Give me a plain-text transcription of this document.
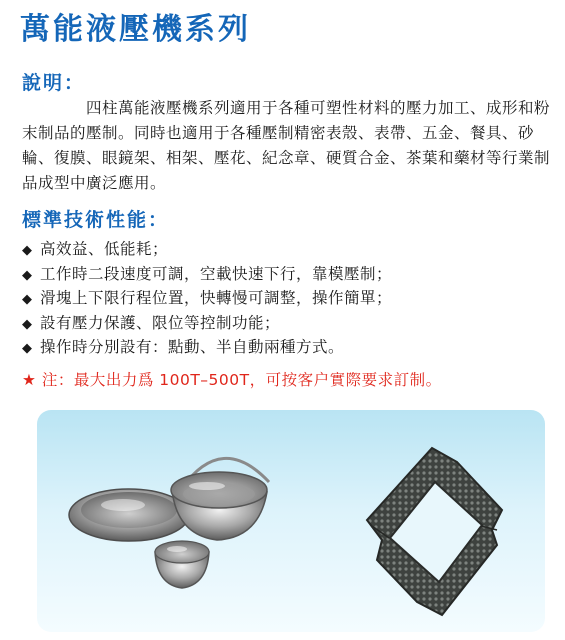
萬能液壓機系列
說明：
四柱萬能液壓機系列適用于各種可塑性材料的壓力加工、成形和粉末制品的壓制。同時也適用于各種壓制精密表殼、表帶、五金、餐具、砂輪、復膜、眼鏡架、相架、壓花、紀念章、硬質合金、茶葉和藥材等行業制品成型中廣泛應用。
標準技術性能：
◆ 高效益、低能耗；
◆ 工作時二段速度可調，空載快速下行，靠模壓制；
◆ 滑塊上下限行程位置，快轉慢可調整，操作簡單；
◆ 設有壓力保護、限位等控制功能；
◆ 操作時分別設有：點動、半自動兩種方式。
★ 注：最大出力爲 100T–500T，可按客户實際要求訂制。
